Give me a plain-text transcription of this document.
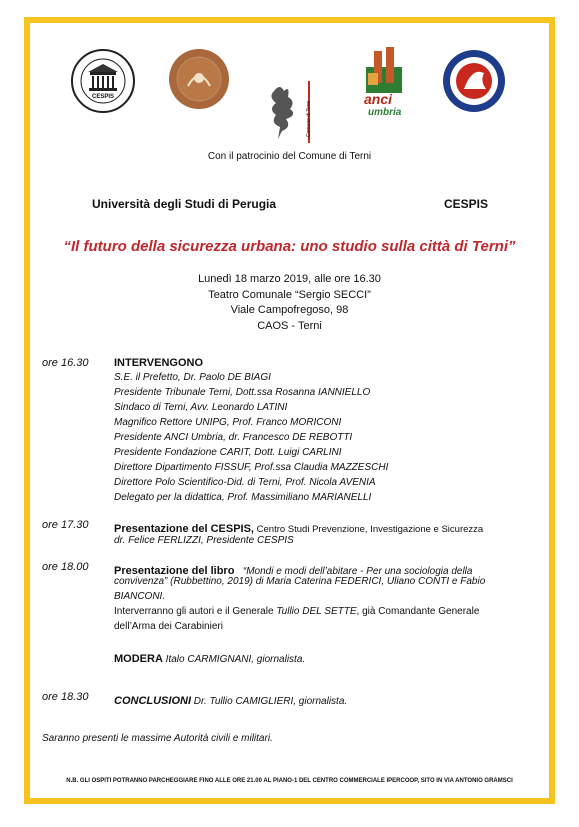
CESPIS
Comune di Terni
anci
umbria
Con il patrocinio del Comune di Terni
Università degli Studi di Perugia	CESPIS
“Il futuro della sicurezza urbana: uno studio sulla città di Terni”
Lunedì 18 marzo 2019, alle ore 16.30
Teatro Comunale “Sergio SECCI”
Viale Campofregoso, 98
CAOS - Terni
ore 16.30 INTERVENGONO
S.E. il Prefetto, Dr. Paolo DE BIAGI
Presidente Tribunale Terni, Dott.ssa Rosanna IANNIELLO
Sindaco di Terni, Avv. Leonardo LATINI
Magnifico Rettore UNIPG, Prof. Franco MORICONI
Presidente ANCI Umbria, dr. Francesco DE REBOTTI
Presidente Fondazione CARIT, Dott. Luigi CARLINI
Direttore Dipartimento FISSUF, Prof.ssa Claudia MAZZESCHI
Direttore Polo Scientifico-Did. di Terni, Prof. Nicola AVENIA
Delegato per la didattica, Prof. Massimiliano MARIANELLI
ore 17.30 Presentazione del CESPIS, Centro Studi Prevenzione, Investigazione e Sicurezza
dr. Felice FERLIZZI, Presidente CESPIS
ore 18.00 Presentazione del libro “Mondi e modi dell’abitare - Per una sociologia della
convivenza” (Rubbettino, 2019) di Maria Caterina FEDERICI, Uliano CONTI e Fabio
BIANCONI.
Interverranno gli autori e il Generale Tullio DEL SETTE, già Comandante Generale
dell’Arma dei Carabinieri
MODERA Italo CARMIGNANI, giornalista.
ore 18.30 CONCLUSIONI Dr. Tullio CAMIGLIERI, giornalista.
Saranno presenti le massime Autorità civili e militari.
N.B. GLI OSPITI POTRANNO PARCHEGGIARE FINO ALLE ORE 21.00 AL PIANO-1 DEL CENTRO COMMERCIALE IPERCOOP, SITO IN VIA ANTONIO GRAMSCI
